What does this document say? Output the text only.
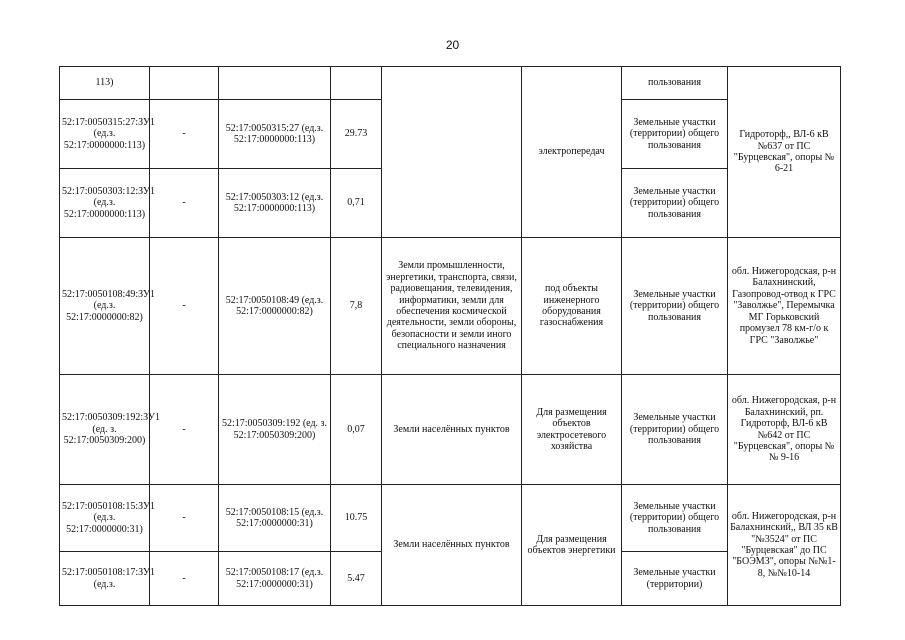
20
113)					электропередач	пользования	Гидроторф,, ВЛ-6 кВ №637 от ПС "Бурцевская", опоры № 6-21
52:17:0050315:27:ЗУ1 (ед.з. 52:17:0000000:113)	-	52:17:0050315:27 (ед.з. 52:17:0000000:113)	29.73			Земельные участки (территории) общего пользования	
52:17:0050303:12:ЗУ1 (ед.з. 52:17:0000000:113)	-	52:17:0050303:12 (ед.з. 52:17:0000000:113)	0,71			Земельные участки (территории) общего пользования	
52:17:0050108:49:ЗУ1 (ед.з. 52:17:0000000:82)	-	52:17:0050108:49 (ед.з. 52:17:0000000:82)	7,8	Земли промышленности, энергетики, транспорта, связи, радиовещания, телевидения, информатики, земли для обеспечения космической деятельности, земли обороны, безопасности и земли иного специального назначения	под объекты инженерного оборудования газоснабжения	Земельные участки (территории) общего пользования	обл. Нижегородская, р-н Балахнинский, Газопровод-отвод к ГРС "Заволжье", Перемычка МГ Горьковский промузел 78 км-г/о к ГРС "Заволжье"
52:17:0050309:192:ЗУ1 (ед. з. 52:17:0050309:200)	-	52:17:0050309:192 (ед. з. 52:17:0050309:200)	0,07	Земли населённых пунктов	Для размещения объектов электросетевого хозяйства	Земельные участки (территории) общего пользования	обл. Нижегородская, р-н Балахнинский, рп. Гидроторф, ВЛ-6 кВ №642 от ПС "Бурцевская", опоры №№ 9-16
52:17:0050108:15:ЗУ1 (ед.з. 52:17:0000000:31)	-	52:17:0050108:15 (ед.з. 52:17:0000000:31)	10.75	Земли населённых пунктов	Для размещения объектов энергетики	Земельные участки (территории) общего пользования	обл. Нижегородская, р-н Балахнинский,, ВЛ 35 кВ "№3524" от ПС "Бурцевская" до ПС "БОЭМЗ", опоры №№1-8, №№10-14
52:17:0050108:17:ЗУ1 (ед.з.	-	52:17:0050108:17 (ед.з. 52:17:0000000:31)	5.47			Земельные участки (территории)	
